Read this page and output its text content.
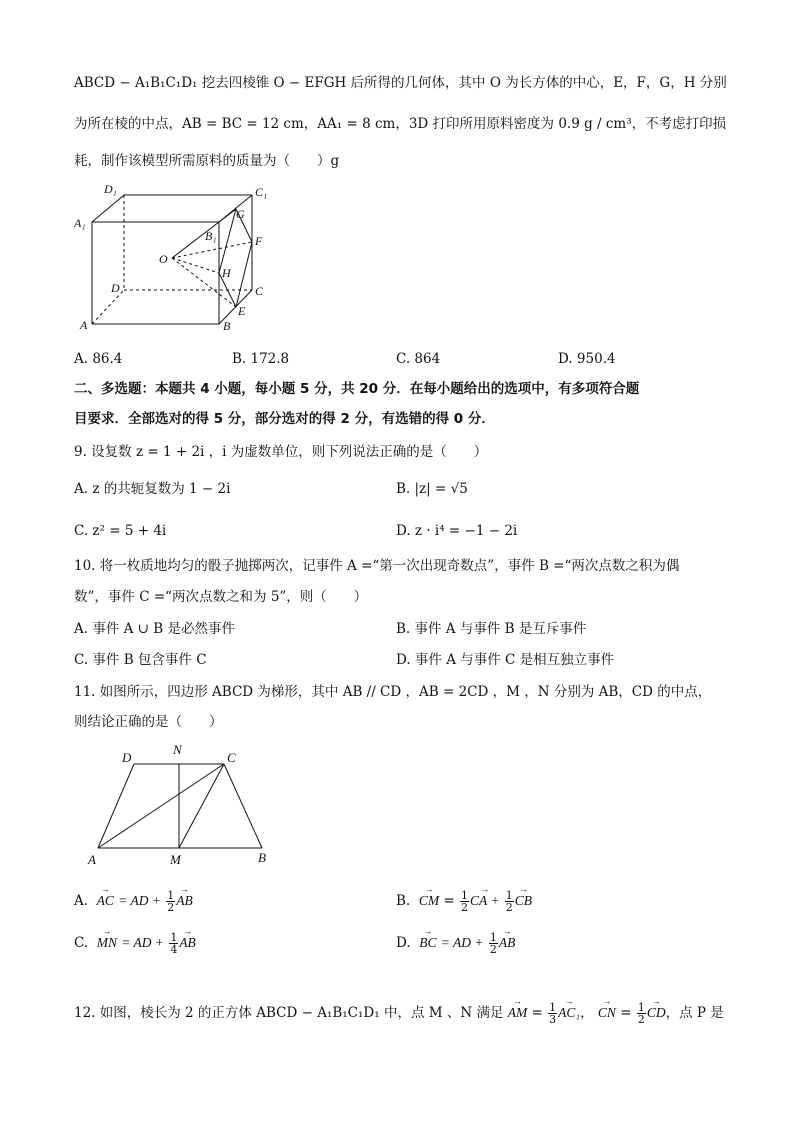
ABCD − A₁B₁C₁D₁ 挖去四棱锥 O − EFGH 后所得的几何体，其中 O 为长方体的中心，E，F，G，H 分别
为所在棱的中点，AB = BC = 12 cm，AA₁ = 8 cm，3D 打印所用原料密度为 0.9 g / cm³，不考虑打印损
耗，制作该模型所需原料的质量为（　　）g
D₁	C₁
A₁
G
B₁	F
O
H
D	C
A
E
B
A. 86.4	B. 172.8	C. 864	D. 950.4
二、多选题：本题共 4 小题，每小题 5 分，共 20 分．在每小题给出的选项中，有多项符合题
目要求．全部选对的得 5 分，部分选对的得 2 分，有选错的得 0 分．
9. 设复数 z = 1 + 2i ，i 为虚数单位，则下列说法正确的是（　　）
A. z 的共轭复数为 1 − 2i	B. |z| = √5
C. z² = 5 + 4i	D. z · i⁴ = −1 − 2i
10. 将一枚质地均匀的骰子抛掷两次，记事件 A =“第一次出现奇数点”，事件 B =“两次点数之积为偶
数”，事件 C =“两次点数之和为 5”，则（　　）
A. 事件 A ∪ B 是必然事件	B. 事件 A 与事件 B 是互斥事件
C. 事件 B 包含事件 C	D. 事件 A 与事件 C 是相互独立事件
11. 如图所示，四边形 ABCD 为梯形，其中 AB // CD ，AB = 2CD ，M ，N 分别为 AB，CD 的中点，
则结论正确的是（　　）
D
N
C
A	M	B
A.  → AC = AD + $\frac{1}{2}$
→ AB	B.  → CM = $\frac{1}{2}$
→ CA + $\frac{1}{2}$
→ CB
C.  → MN = AD + $\frac{1}{4}$
→ AB	D.  → BC = AD + $\frac{1}{2}$
→ AB
12. 如图，棱长为 2 的正方体 ABCD − A₁B₁C₁D₁ 中，点 M 、N 满足 → AM = $\frac{1}{3}$
→ AC₁， → CN = $\frac{1}{2}$
→ CD，点 P 是
